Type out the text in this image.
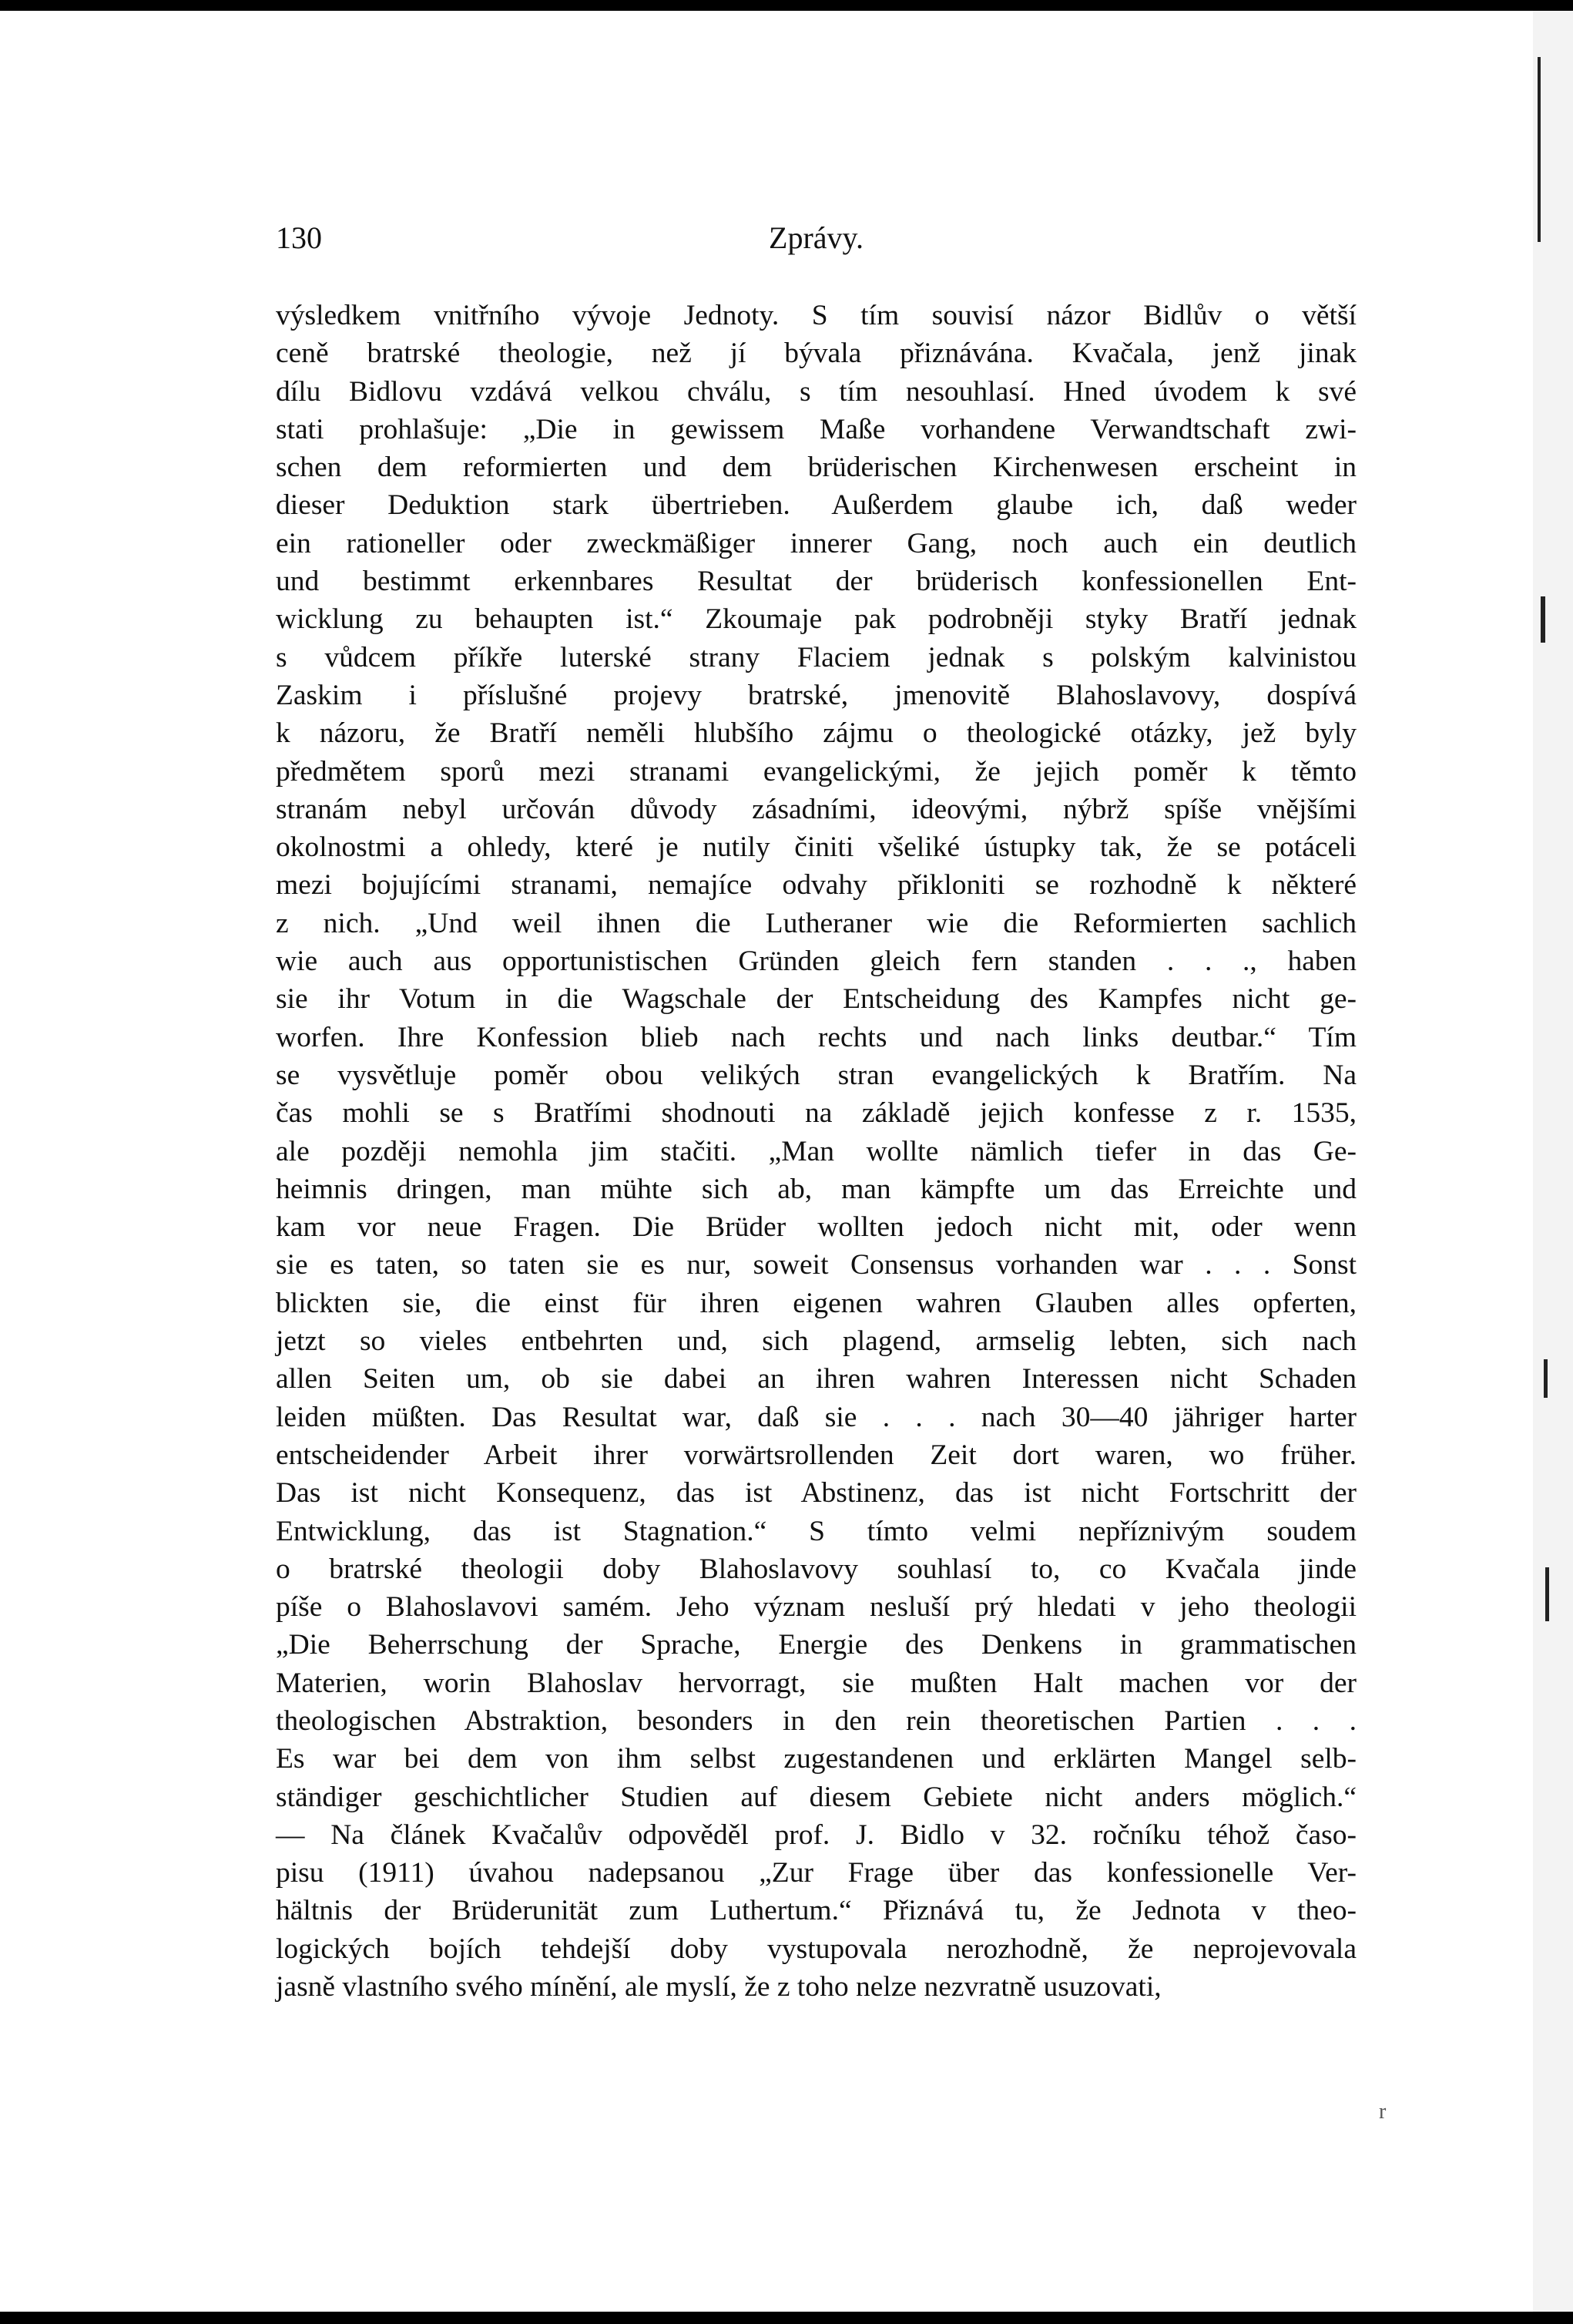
130	Zprávy.
výsledkem vnitřního vývoje Jednoty. S tím souvisí názor Bidlův o větší
ceně bratrské theologie, než jí bývala přiznávána. Kvačala, jenž jinak
dílu Bidlovu vzdává velkou chválu, s tím nesouhlasí. Hned úvodem k své
stati prohlašuje: „Die in gewissem Maße vorhandene Verwandtschaft zwi-
schen dem reformierten und dem brüderischen Kirchenwesen erscheint in
dieser Deduktion stark übertrieben. Außerdem glaube ich, daß weder
ein rationeller oder zweckmäßiger innerer Gang, noch auch ein deutlich
und bestimmt erkennbares Resultat der brüderisch konfessionellen Ent-
wicklung zu behaupten ist.“ Zkoumaje pak podrobněji styky Bratří jednak
s vůdcem příkře luterské strany Flaciem jednak s polským kalvinistou
Zaskim i příslušné projevy bratrské, jmenovitě Blahoslavovy, dospívá
k názoru, že Bratří neměli hlubšího zájmu o theologické otázky, jež byly
předmětem sporů mezi stranami evangelickými, že jejich poměr k těmto
stranám nebyl určován důvody zásadními, ideovými, nýbrž spíše vnějšími
okolnostmi a ohledy, které je nutily činiti všeliké ústupky tak, že se potáceli
mezi bojujícími stranami, nemajíce odvahy přikloniti se rozhodně k některé
z nich. „Und weil ihnen die Lutheraner wie die Reformierten sachlich
wie auch aus opportunistischen Gründen gleich fern standen . . ., haben
sie ihr Votum in die Wagschale der Entscheidung des Kampfes nicht ge-
worfen. Ihre Konfession blieb nach rechts und nach links deutbar.“ Tím
se vysvětluje poměr obou velikých stran evangelických k Bratřím. Na
čas mohli se s Bratřími shodnouti na základě jejich konfesse z r. 1535,
ale později nemohla jim stačiti. „Man wollte nämlich tiefer in das Ge-
heimnis dringen, man mühte sich ab, man kämpfte um das Erreichte und
kam vor neue Fragen. Die Brüder wollten jedoch nicht mit, oder wenn
sie es taten, so taten sie es nur, soweit Consensus vorhanden war . . . Sonst
blickten sie, die einst für ihren eigenen wahren Glauben alles opferten,
jetzt so vieles entbehrten und, sich plagend, armselig lebten, sich nach
allen Seiten um, ob sie dabei an ihren wahren Interessen nicht Schaden
leiden müßten. Das Resultat war, daß sie . . . nach 30—40 jähriger harter
entscheidender Arbeit ihrer vorwärtsrollenden Zeit dort waren, wo früher.
Das ist nicht Konsequenz, das ist Abstinenz, das ist nicht Fortschritt der
Entwicklung, das ist Stagnation.“ S tímto velmi nepříznivým soudem
o bratrské theologii doby Blahoslavovy souhlasí to, co Kvačala jinde
píše o Blahoslavovi samém. Jeho význam nesluší prý hledati v jeho theologii
„Die Beherrschung der Sprache, Energie des Denkens in grammatischen
Materien, worin Blahoslav hervorragt, sie mußten Halt machen vor der
theologischen Abstraktion, besonders in den rein theoretischen Partien . . .
Es war bei dem von ihm selbst zugestandenen und erklärten Mangel selb-
ständiger geschichtlicher Studien auf diesem Gebiete nicht anders möglich.“
— Na článek Kvačalův odpověděl prof. J. Bidlo v 32. ročníku téhož časo-
pisu (1911) úvahou nadepsanou „Zur Frage über das konfessionelle Ver-
hältnis der Brüderunität zum Luthertum.“ Přiznává tu, že Jednota v theo-
logických bojích tehdejší doby vystupovala nerozhodně, že neprojevovala
jasně vlastního svého mínění, ale myslí, že z toho nelze nezvratně usuzovati,
r
